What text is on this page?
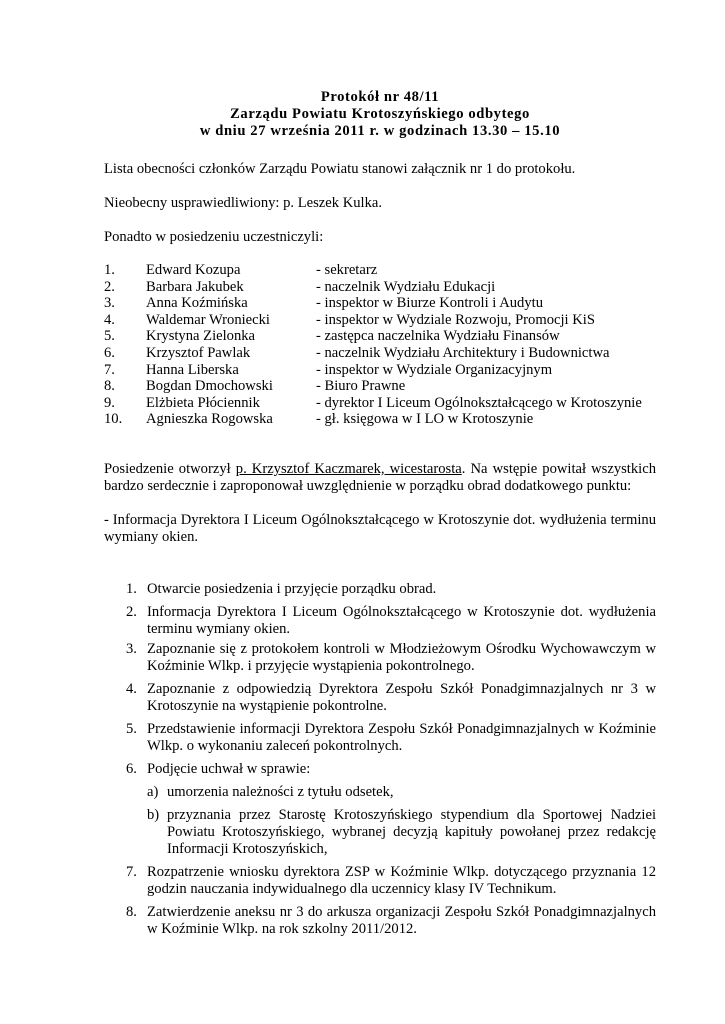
Protokół nr 48/11
Zarządu Powiatu Krotoszyńskiego odbytego
w dniu 27 września 2011 r. w godzinach 13.30 – 15.10

Lista obecności członków Zarządu Powiatu stanowi załącznik nr 1 do protokołu.

Nieobecny usprawiedliwiony: p. Leszek Kulka.

Ponadto w posiedzeniu uczestniczyli:

1.	Edward Kozupa	- sekretarz
2.	Barbara Jakubek	- naczelnik Wydziału Edukacji
3.	Anna Koźmińska	- inspektor w Biurze Kontroli i Audytu
4.	Waldemar Wroniecki	- inspektor w Wydziale Rozwoju, Promocji KiS
5.	Krystyna Zielonka	- zastępca naczelnika Wydziału Finansów
6.	Krzysztof Pawlak	- naczelnik Wydziału Architektury i Budownictwa
7.	Hanna Liberska	- inspektor w Wydziale Organizacyjnym
8.	Bogdan Dmochowski	- Biuro Prawne
9.	Elżbieta Płóciennik	- dyrektor I Liceum Ogólnokształcącego w Krotoszynie
10.	Agnieszka Rogowska	- gł. księgowa w I LO w Krotoszynie

Posiedzenie otworzył p. Krzysztof Kaczmarek, wicestarosta. Na wstępie powitał wszystkich bardzo serdecznie i zaproponował uwzględnienie w porządku obrad dodatkowego punktu:

- Informacja Dyrektora I Liceum Ogólnokształcącego w Krotoszynie dot. wydłużenia terminu wymiany okien.

1. Otwarcie posiedzenia i przyjęcie porządku obrad.
2. Informacja Dyrektora I Liceum Ogólnokształcącego w Krotoszynie dot. wydłużenia terminu wymiany okien.
3. Zapoznanie się z protokołem kontroli w Młodzieżowym Ośrodku Wychowawczym w Koźminie Wlkp. i przyjęcie wystąpienia pokontrolnego.
4. Zapoznanie z odpowiedzią Dyrektora Zespołu Szkół Ponadgimnazjalnych nr 3 w Krotoszynie na wystąpienie pokontrolne.
5. Przedstawienie informacji Dyrektora Zespołu Szkół Ponadgimnazjalnych w Koźminie Wlkp. o wykonaniu zaleceń pokontrolnych.
6. Podjęcie uchwał w sprawie:
a) umorzenia należności z tytułu odsetek,
b) przyznania przez Starostę Krotoszyńskiego stypendium dla Sportowej Nadziei Powiatu Krotoszyńskiego, wybranej decyzją kapituły powołanej przez redakcję Informacji Krotoszyńskich,
7. Rozpatrzenie wniosku dyrektora ZSP w Koźminie Wlkp. dotyczącego przyznania 12 godzin nauczania indywidualnego dla uczennicy klasy IV Technikum.
8. Zatwierdzenie aneksu nr 3 do arkusza organizacji Zespołu Szkół Ponadgimnazjalnych w Koźminie Wlkp. na rok szkolny 2011/2012.
